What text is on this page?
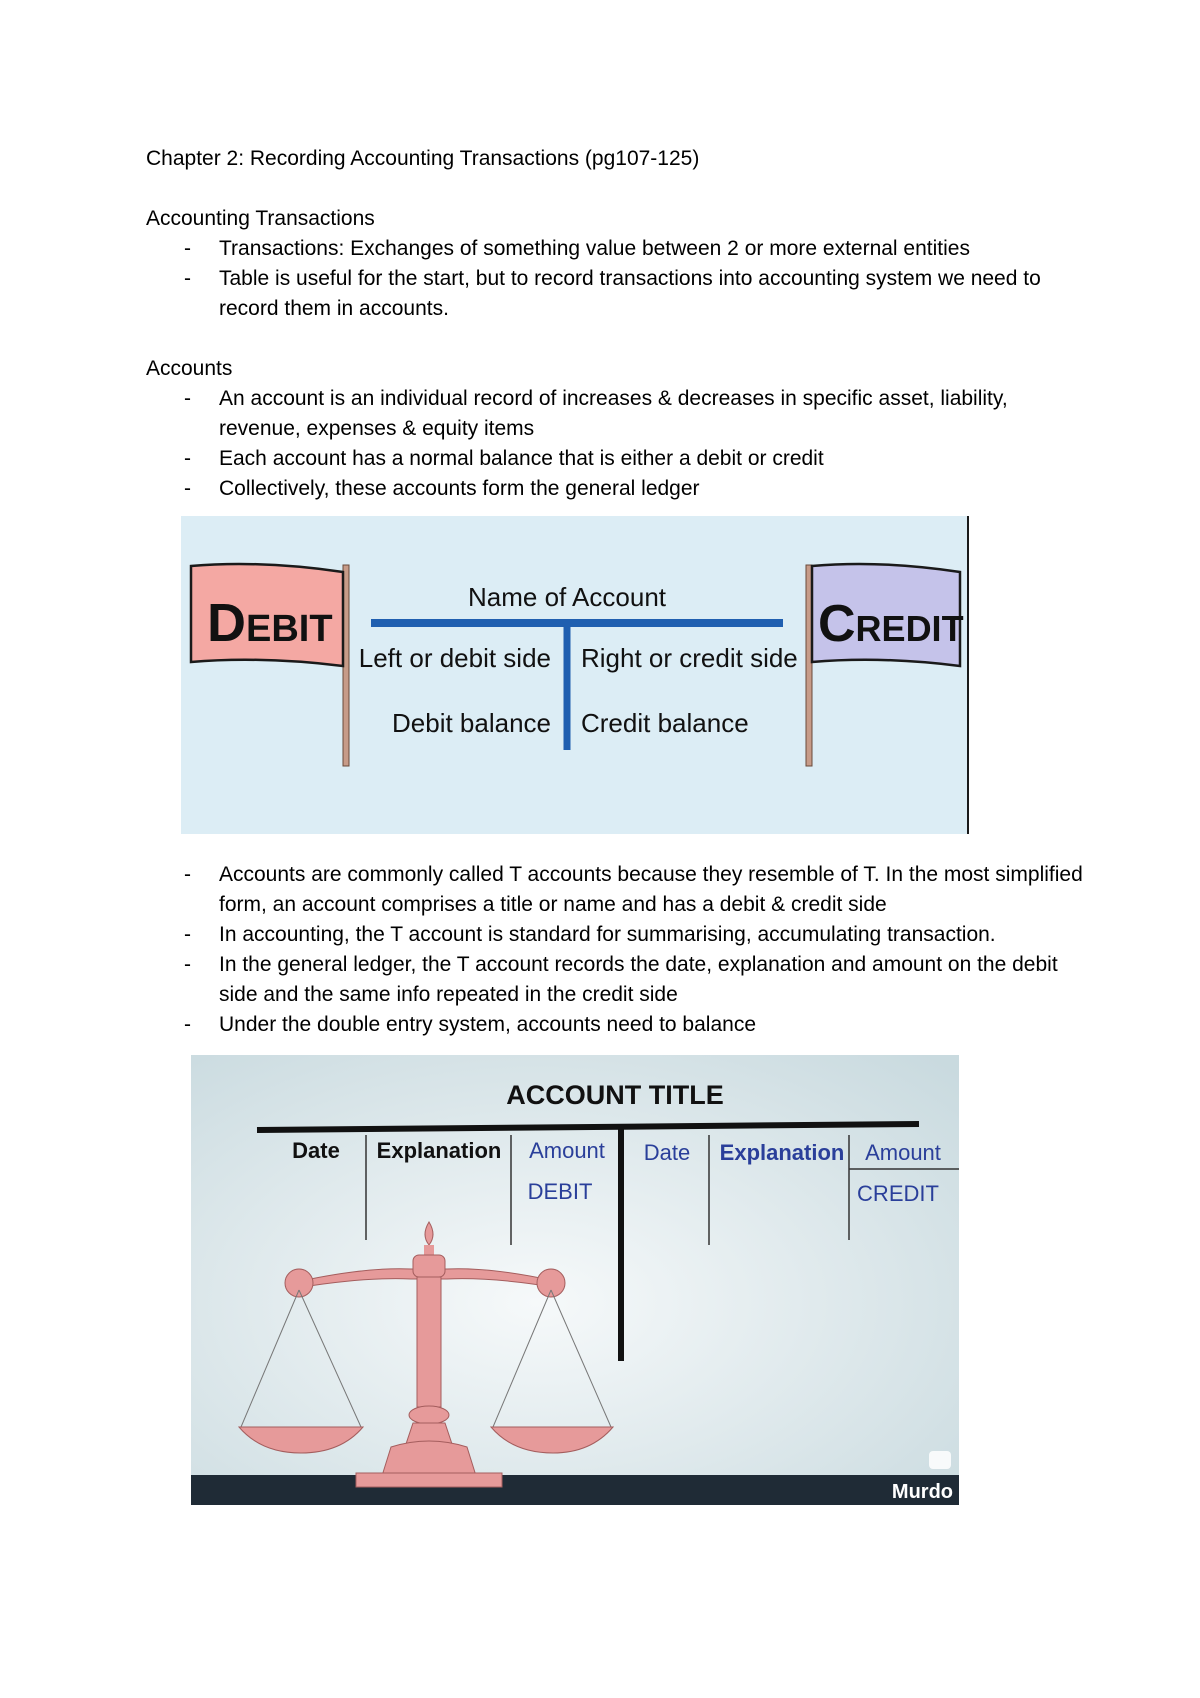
Chapter 2: Recording Accounting Transactions (pg107-125)

Accounting Transactions

- Transactions: Exchanges of something value between 2 or more external entities
- Table is useful for the start, but to record transactions into accounting system we need to record them in accounts.

Accounts

- An account is an individual record of increases & decreases in specific asset, liability, revenue, expenses & equity items
- Each account has a normal balance that is either a debit or credit
- Collectively, these accounts form the general ledger
Debit	Credit
Name of Account
Left or debit side Right or credit side
Debit balance Credit balance
- Accounts are commonly called T accounts because they resemble of T. In the most simplified form, an account comprises a title or name and has a debit & credit side
- In accounting, the T account is standard for summarising, accumulating transaction.
- In the general ledger, the T account records the date, explanation and amount on the debit side and the same info repeated in the credit side
- Under the double entry system, accounts need to balance
ACCOUNT TITLE
Date Explanation Amount Date Explanation Amount
DEBIT	CREDIT
Murdo
